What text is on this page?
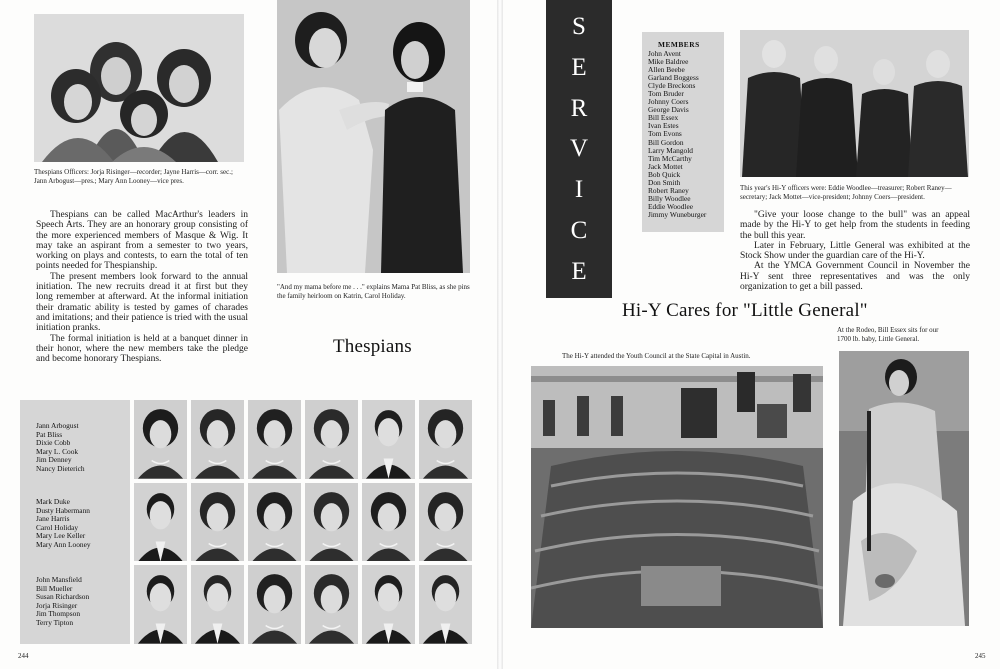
Thespians Officers: Jorja Risinger—recorder; Jayne Harris—corr. sec.; Jann Arbogust—pres.; Mary Ann Looney—vice pres.
"And my mama before me . . ." explains Mama Pat Bliss, as she pins the family heirloom on Katrin, Carol Holiday.

Thespians can be called MacArthur's leaders in Speech Arts. They are an honorary group consisting of the more experienced members of Masque & Wig. It may take an aspirant from a semester to two years, working on plays and contests, to earn the total of ten points needed for Thespianship.

The present members look forward to the annual initiation. The new recruits dread it at first but they long remember at afterward. At the informal initiation their dramatic ability is tested by games of charades and imitations; and their patience is tried with the usual initiation pranks.

The formal initiation is held at a banquet dinner in their honor, where the new members take the pledge and become honorary Thespians.

Thespians
Jann Arbogust
Pat Bliss
Dixie Cobb
Mary L. Cook
Jim Denney
Nancy Dieterich
Mark Duke
Dusty Habermann
Jane Harris
Carol Holiday
Mary Lee Keller
Mary Ann Looney
John Mansfield
Bill Mueller
Susan Richardson
Jorja Risinger
Jim Thompson
Terry Tipton
244
S
E
R
V
I
C
E
MEMBERS
John Avent
Mike Baldree
Allen Beebe
Garland Boggess
Clyde Breckons
Tom Bruder
Johnny Coers
George Davis
Bill Essex
Ivan Estes
Tom Evons
Bill Gordon
Larry Mangold
Tim McCarthy
Jack Mottet
Bob Quick
Don Smith
Robert Raney
Billy Woodlee
Eddie Woodlee
Jimmy Wuneburger
This year's Hi-Y officers were: Eddie Woodlee—treasurer; Robert Raney—secretary; Jack Mottet—vice-president; Johnny Coers—president.

"Give your loose change to the bull" was an appeal made by the Hi-Y to get help from the students in feeding the bull this year.

Later in February, Little General was exhibited at the Stock Show under the guardian care of the Hi-Y.

At the YMCA Government Council in November the Hi-Y sent three representatives and was the only organization to get a bill passed.

Hi-Y Cares for "Little General"
The Hi-Y attended the Youth Council at the State Capital in Austin.
At the Rodeo, Bill Essex sits for our 1700 lb. baby, Little General.
245
